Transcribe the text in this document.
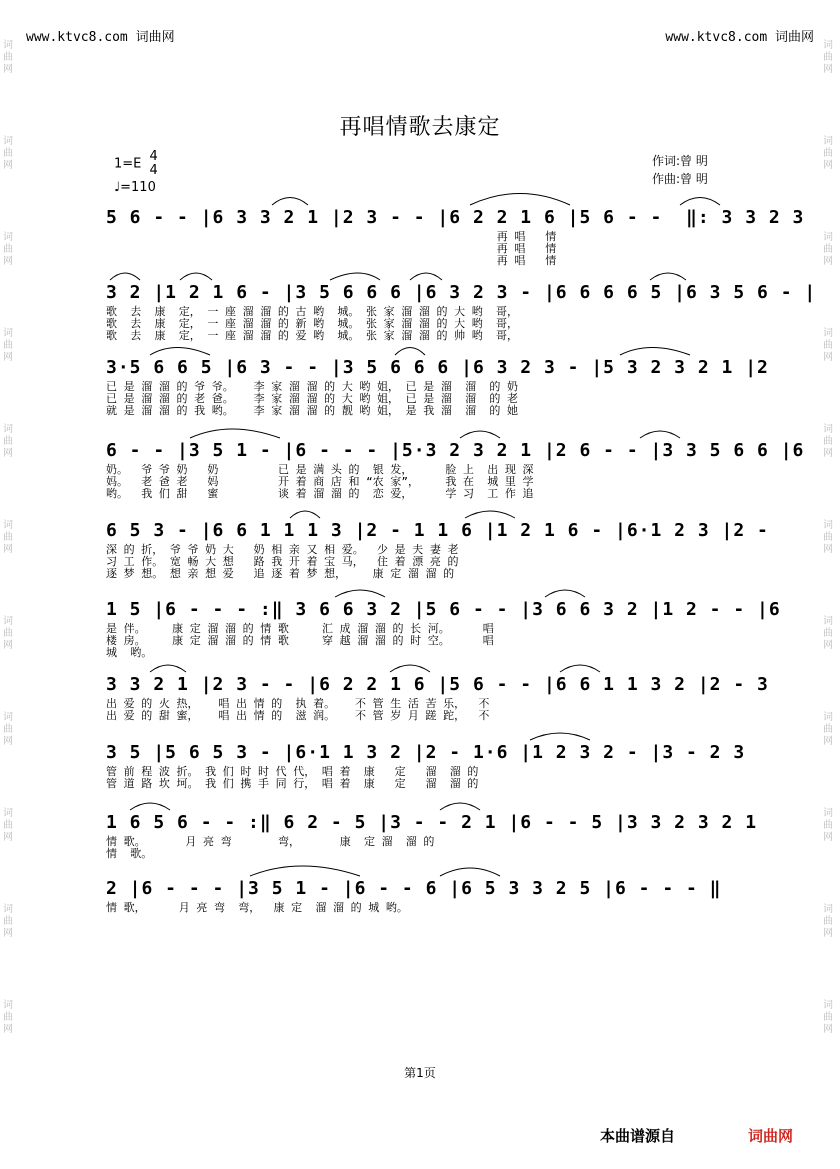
www.ktvc8.com 词曲网	www.ktvc8.com 词曲网
词曲网
词曲网
词曲网
词曲网
词曲网
词曲网
词曲网
词曲网
词曲网
词曲网
词曲网
词曲网
词曲网
词曲网
词曲网
词曲网
词曲网
词曲网
词曲网
词曲网
词曲网
词曲网
再唱情歌去康定
1=E 4
4
♩=110
作词:曾 明
作曲:曾 明
5 6 - - |6 3 3 2 1 |2 3 - - |6 2 2 1 6 |5 6 - -  ‖: 3 3 2 3
再 唱   情
再 唱   情
再 唱   情
3 2 |1 2 1 6 - |3 5 6 6 6 |6 3 2 3 - |6 6 6 6 5 |6 3 5 6 - |
歌  去  康  定， 一 座 溜 溜 的 古 哟  城。 张 家 溜 溜 的 大 哟  哥，
歌  去  康  定， 一 座 溜 溜 的 新 哟  城。 张 家 溜 溜 的 大 哟  哥，
歌  去  康  定， 一 座 溜 溜 的 爱 哟  城。 张 家 溜 溜 的 帅 哟  哥，
3·5 6 6 5 |6 3 - - |3 5 6 6 6 |6 3 2 3 - |5 3 2 3 2 1 |2
已 是 溜 溜 的 爷 爷。   李 家 溜 溜 的 大 哟 姐， 已 是 溜  溜  的 奶
已 是 溜 溜 的 老 爸。   李 家 溜 溜 的 大 哟 姐， 已 是 溜  溜  的 老
就 是 溜 溜 的 我 哟。   李 家 溜 溜 的 靓 哟 姐， 是 我 溜  溜  的 她
6 - - |3 5 1 - |6 - - - |5·3 2 3 2 1 |2 6 - - |3 3 5 6 6 |6
奶。  爷 爷 奶   奶         已 是 满 头 的  银 发，     脸 上  出 现 深
妈。  老 爸 老   妈         开 着 商 店 和 “农 家”，    我 在  城 里 学
哟。  我 们 甜   蜜         谈 着 溜 溜 的  恋 爱，     学 习  工 作 追
6 5 3 - |6 6 1 1 1 3 |2 - 1 1 6 |1 2 1 6 - |6·1 2 3 |2 -
深 的 折， 爷 爷 奶 大   奶 相 亲 又 相 爱。  少 是 夫 妻 老
习 工 作。 宽 畅 大 想   路 我 开 着 宝 马，  住 着 漂 亮 的
逐 梦 想。 想 亲 想 爱   追 逐 着 梦 想，    康 定 溜 溜 的
1 5 |6 - - - :‖ 3 6 6 3 2 |5 6 - - |3 6 6 3 2 |1 2 - - |6
是 伴。    康 定 溜 溜 的 情 歌     汇 成 溜 溜 的 长 河。     唱
楼 房。    康 定 溜 溜 的 情 歌     穿 越 溜 溜 的 时 空。     唱
城  哟。
3 3 2 1 |2 3 - - |6 2 2 1 6 |5 6 - - |6 6 1 1 3 2 |2 - 3
出 爱 的 火 热，   唱 出 情 的  执 着。   不 管 生 活 苦 乐，  不
出 爱 的 甜 蜜，   唱 出 情 的  滋 润。   不 管 岁 月 蹉 跎，  不
3 5 |5 6 5 3 - |6·1 1 3 2 |2 - 1·6 |1 2 3 2 - |3 - 2 3
管 前 程 波 折。 我 们 时 时 代 代， 唱 着  康   定   溜  溜 的
管 道 路 坎 坷。 我 们 携 手 同 行， 唱 着  康   定   溜  溜 的
1 6 5 6 - - :‖ 6 2 - 5 |3 - - 2 1 |6 - - 5 |3 3 2 3 2 1
情 歌。      月 亮 弯       弯，      康  定 溜  溜 的
情  歌。
2 |6 - - - |3 5 1 - |6 - - 6 |6 5 3 3 2 5 |6 - - - ‖
情 歌，     月 亮 弯  弯，  康 定  溜 溜 的 城 哟。
第1页
本曲谱源自	词曲网
